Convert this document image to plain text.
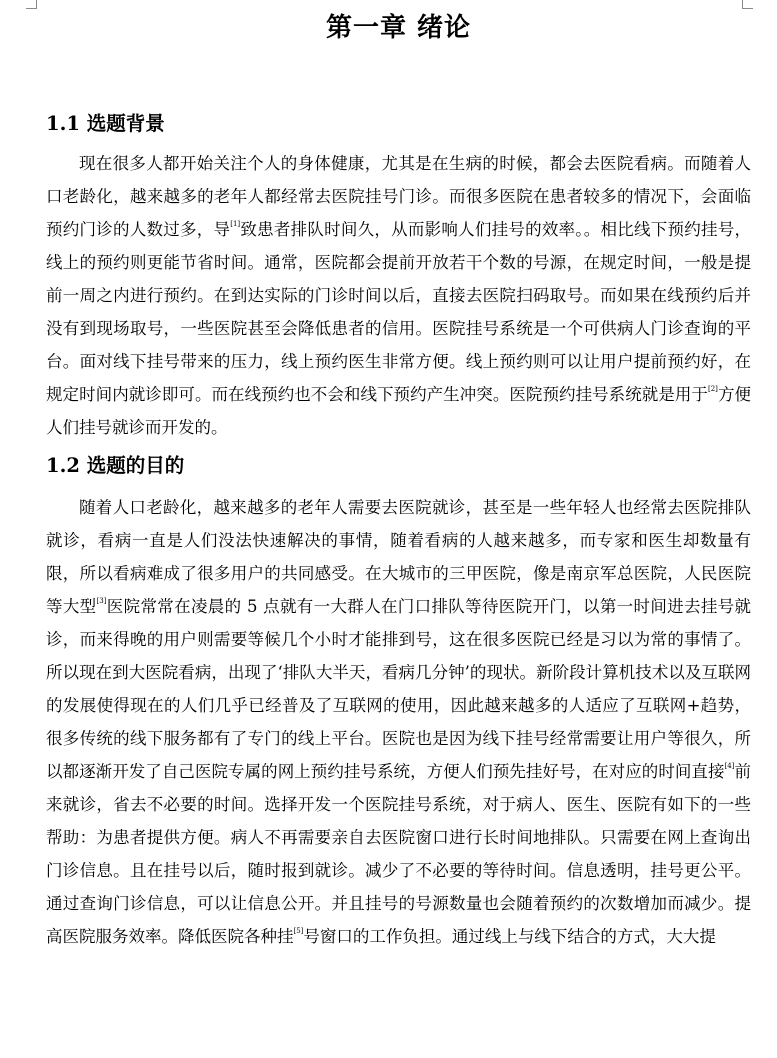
第一章 绪论
1.1 选题背景

现在很多人都开始关注个人的身体健康，尤其是在生病的时候，都会去医院看病。而随着人口老龄化，越来越多的老年人都经常去医院挂号门诊。而很多医院在患者较多的情况下，会面临预约门诊的人数过多，导[1]致患者排队时间久，从而影响人们挂号的效率。。相比线下预约挂号，线上的预约则更能节省时间。通常，医院都会提前开放若干个数的号源，在规定时间，一般是提前一周之内进行预约。在到达实际的门诊时间以后，直接去医院扫码取号。而如果在线预约后并没有到现场取号，一些医院甚至会降低患者的信用。医院挂号系统是一个可供病人门诊查询的平台。面对线下挂号带来的压力，线上预约医生非常方便。线上预约则可以让用户提前预约好，在规定时间内就诊即可。而在线预约也不会和线下预约产生冲突。医院预约挂号系统就是用于[2]方便人们挂号就诊而开发的。

1.2 选题的目的

随着人口老龄化，越来越多的老年人需要去医院就诊，甚至是一些年轻人也经常去医院排队就诊，看病一直是人们没法快速解决的事情，随着看病的人越来越多，而专家和医生却数量有限，所以看病难成了很多用户的共同感受。在大城市的三甲医院，像是南京军总医院，人民医院等大型[3]医院常常在凌晨的 5 点就有一大群人在门口排队等待医院开门，以第一时间进去挂号就诊，而来得晚的用户则需要等候几个小时才能排到号，这在很多医院已经是习以为常的事情了。所以现在到大医院看病，出现了‘排队大半天，看病几分钟’的现状。新阶段计算机技术以及互联网的发展使得现在的人们几乎已经普及了互联网的使用，因此越来越多的人适应了互联网+趋势，很多传统的线下服务都有了专门的线上平台。医院也是因为线下挂号经常需要让用户等很久，所以都逐渐开发了自己医院专属的网上预约挂号系统，方便人们预先挂好号，在对应的时间直接[4]前来就诊，省去不必要的时间。选择开发一个医院挂号系统，对于病人、医生、医院有如下的一些帮助：为患者提供方便。病人不再需要亲自去医院窗口进行长时间地排队。只需要在网上查询出门诊信息。且在挂号以后，随时报到就诊。减少了不必要的等待时间。信息透明，挂号更公平。通过查询门诊信息，可以让信息公开。并且挂号的号源数量也会随着预约的次数增加而减少。提高医院服务效率。降低医院各种挂[5]号窗口的工作负担。通过线上与线下结合的方式，大大提
